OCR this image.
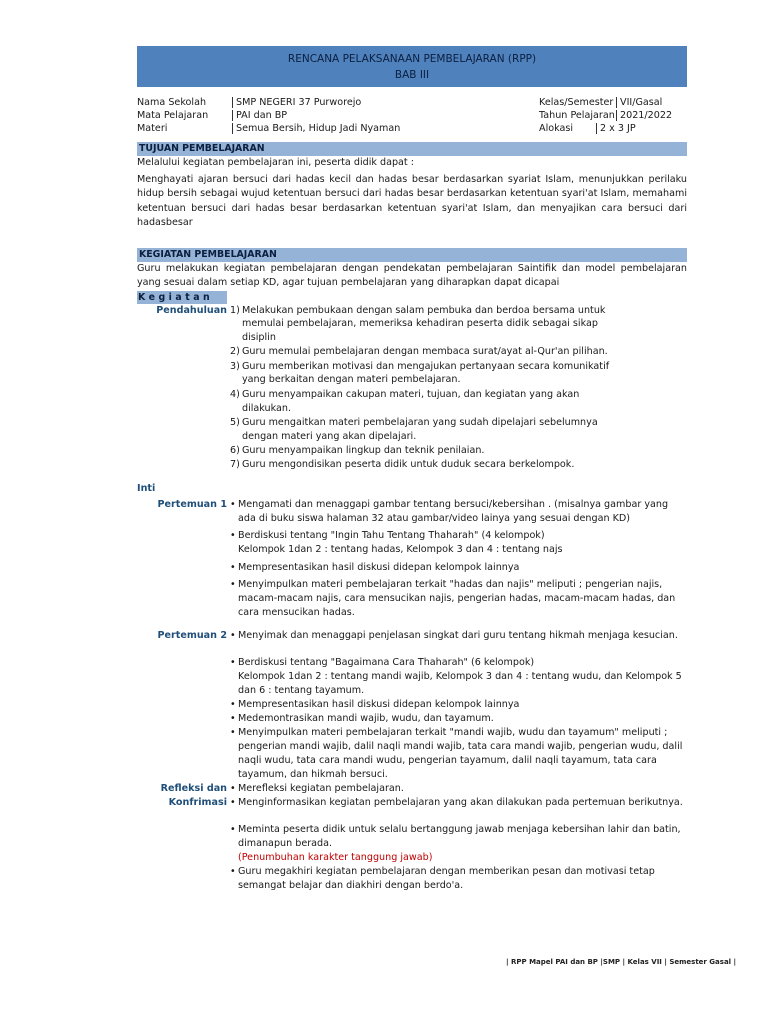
RENCANA PELAKSANAAN PEMBELAJARAN (RPP)
BAB III
Nama Sekolah	SMP NEGERI 37 Purworejo	Kelas/Semester VII/Gasal
Mata Pelajaran	PAI dan BP	Tahun Pelajaran 2021/2022
Materi	Semua Bersih, Hidup Jadi Nyaman	Alokasi	2 x 3 JP
TUJUAN PEMBELAJARAN

Melalului kegiatan pembelajaran ini, peserta didik dapat :

Menghayati ajaran bersuci dari hadas kecil dan hadas besar berdasarkan syariat Islam, menunjukkan perilaku hidup bersih sebagai wujud ketentuan bersuci dari hadas besar berdasarkan ketentuan syari'at Islam, memahami ketentuan bersuci dari hadas besar berdasarkan ketentuan syari'at Islam, dan menyajikan cara bersuci dari hadasbesar

KEGIATAN PEMBELAJARAN

Guru melakukan kegiatan pembelajaran dengan pendekatan pembelajaran Saintifik dan model pembelajaran yang sesuai dalam setiap KD, agar tujuan pembelajaran yang diharapkan dapat dicapai

Kegiatan
Pendahuluan 1) Melakukan pembukaan dengan salam pembuka dan berdoa bersama untuk memulai pembelajaran, memeriksa kehadiran peserta didik sebagai sikap disiplin
2) Guru memulai pembelajaran dengan membaca surat/ayat al-Qur'an pilihan.
3) Guru memberikan motivasi dan mengajukan pertanyaan secara komunikatif yang berkaitan dengan materi pembelajaran.
4) Guru menyampaikan cakupan materi, tujuan, dan kegiatan yang akan dilakukan.
5) Guru mengaitkan materi pembelajaran yang sudah dipelajari sebelumnya dengan materi yang akan dipelajari.
6) Guru menyampaikan lingkup dan teknik penilaian.
7) Guru mengondisikan peserta didik untuk duduk secara berkelompok.
Inti
Pertemuan 1 • Mengamati dan menaggapi gambar tentang bersuci/kebersihan . (misalnya gambar yang ada di buku siswa halaman 32 atau gambar/video lainya yang sesuai dengan KD)
• Berdiskusi tentang "Ingin Tahu Tentang Thaharah" (4 kelompok)
Kelompok 1dan 2 : tentang hadas, Kelompok 3 dan 4 : tentang najs
• Mempresentasikan hasil diskusi didepan kelompok lainnya
• Menyimpulkan materi pembelajaran terkait "hadas dan najis" meliputi ; pengerian najis, macam-macam najis, cara mensucikan najis, pengerian hadas, macam-macam hadas, dan cara mensucikan hadas.
Pertemuan 2 • Menyimak dan menaggapi penjelasan singkat dari guru tentang hikmah menjaga kesucian.
• Berdiskusi tentang "Bagaimana Cara Thaharah" (6 kelompok)
Kelompok 1dan 2 : tentang mandi wajib, Kelompok 3 dan 4 : tentang wudu, dan Kelompok 5 dan 6 : tentang tayamum.
• Mempresentasikan hasil diskusi didepan kelompok lainnya
• Medemontrasikan mandi wajib, wudu, dan tayamum.
• Menyimpulkan materi pembelajaran terkait "mandi wajib, wudu dan tayamum" meliputi ; pengerian mandi wajib, dalil naqli mandi wajib, tata cara mandi wajib, pengerian wudu, dalil naqli wudu, tata cara mandi wudu, pengerian tayamum, dalil naqli tayamum, tata cara tayamum, dan hikmah bersuci.
Refleksi dan
Konfrimasi
• Merefleksi kegiatan pembelajaran.
• Menginformasikan kegiatan pembelajaran yang akan dilakukan pada pertemuan berikutnya.
• Meminta peserta didik untuk selalu bertanggung jawab menjaga kebersihan lahir dan batin, dimanapun berada.
(Penumbuhan karakter tanggung jawab)
• Guru megakhiri kegiatan pembelajaran dengan memberikan pesan dan motivasi tetap semangat belajar dan diakhiri dengan berdo'a.
| RPP Mapel PAI dan BP |SMP | Kelas VII | Semester Gasal |
